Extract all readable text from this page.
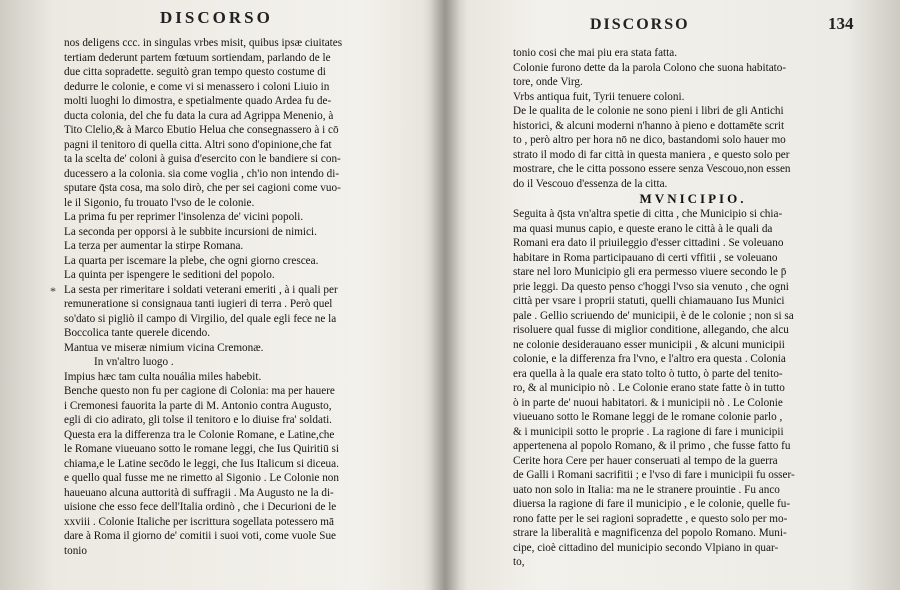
DISCORSO
*
nos deligens ccc. in singulas vrbes misit, quibus ipsæ ciuitates
tertiam dederunt partem fœtuum sortiendam, parlando de le
due citta sopradette. seguitò gran tempo questo costume di
dedurre le colonie, e come vi si menassero i coloni Liuio in
molti luoghi lo dimostra, e spetialmente quado Ardea fu de-
ducta colonia, del che fu data la cura ad Agrippa Menenio, à
Tito Clelio,& à Marco Ebutio Helua che consegnassero à i cō
pagni il tenitoro di quella citta. Altri sono d'opinione,che fat
ta la scelta de' coloni à guisa d'esercito con le bandiere si con-
ducessero a la colonia. sia come voglia , ch'io non intendo di-
sputare q̄sta cosa, ma solo dirò, che per sei cagioni come vuo-
le il Sigonio, fu trouato l'vso de le colonie.
La prima fu per reprimer l'insolenza de' vicini popoli.
La seconda per opporsi à le subbite incursioni de nimici.
La terza per aumentar la stirpe Romana.
La quarta per iscemare la plebe, che ogni giorno crescea.
La quinta per ispengere le seditioni del popolo.
La sesta per rimeritare i soldati veterani emeriti , à i quali per
remuneratione si consignaua tanti iugieri di terra . Però quel
so'dato si pigliò il campo di Virgilio, del quale egli fece ne la
Boccolica tante querele dicendo.
Mantua ve miseræ nimium vicina Cremonæ.
In vn'altro luogo .
Impius hæc tam culta nouália miles habebit.
Benche questo non fu per cagione di Colonia: ma per hauere
i Cremonesi fauorita la parte di M. Antonio contra Augusto,
egli di cio adirato, gli tolse il tenitoro e lo diuise fra' soldati.
Questa era la differenza tra le Colonie Romane, e Latine,che
le Romane viueuano sotto le romane leggi, che Ius Quiritiū si
chiama,e le Latine secōdo le leggi, che Ius Italicum si diceua.
e quello qual fusse me ne rimetto al Sigonio . Le Colonie non
haueuano alcuna auttorità di suffragii . Ma Augusto ne la di-
uisione che esso fece dell'Italia ordinò , che i Decurioni de le
xxviii . Colonie Italiche per iscrittura sogellata potessero mā
dare à Roma il giorno de' comitii i suoi voti, come vuole Sue
tonio
DISCORSO	134
tonio cosi che mai piu era stata fatta.
Colonie furono dette da la parola Colono che suona habitato-
tore, onde Virg.
Vrbs antiqua fuit, Tyrii tenuere coloni.
De le qualita de le colonie ne sono pieni i libri de gli Antichi
historici, & alcuni moderni n'hanno à pieno e dottamēte scrit
to , però altro per hora nō ne dico, bastandomi solo hauer mo
strato il modo di far città in questa maniera , e questo solo per
mostrare, che le citta possono essere senza Vescouo,non essen
do il Vescouo d'essenza de la citta.
MVNICIPIO.
Seguita à q̄sta vn'altra spetie di citta , che Municipio si chia-
ma quasi munus capio, e queste erano le città à le quali da
Romani era dato il priuileggio d'esser cittadini . Se voleuano
habitare in Roma participauano di certi vffitii , se voleuano
stare nel loro Municipio gli era permesso viuere secondo le p̄
prie leggi. Da questo penso c'hoggi l'vso sia venuto , che ogni
città per vsare i proprii statuti, quelli chiamauano Ius Munici
pale . Gellio scriuendo de' municipii, è de le colonie ; non si sa
risoluere qual fusse di miglior conditione, allegando, che alcu
ne colonie desiderauano esser municipii , & alcuni municipii
colonie, e la differenza fra l'vno, e l'altro era questa . Colonia
era quella à la quale era stato tolto ò tutto, ò parte del tenito-
ro, & al municipio nò . Le Colonie erano state fatte ò in tutto
ò in parte de' nuoui habitatori. & i municipii nò . Le Colonie
viueuano sotto le Romane leggi de le romane colonie parlo ,
& i municipii sotto le proprie . La ragione di fare i municipii
appertenena al popolo Romano, & il primo , che fusse fatto fu
Cerite hora Cere per hauer conseruati al tempo de la guerra
de Galli i Romani sacrifitii ; e l'vso di fare i municipii fu osser-
uato non solo in Italia: ma ne le stranere prouintie . Fu anco
diuersa la ragione di fare il municipio , e le colonie, quelle fu-
rono fatte per le sei ragioni sopradette , e questo solo per mo-
strare la liberalità e magnificenza del popolo Romano. Muni-
cipe, cioè cittadino del municipio secondo Vlpiano in quar-
to,
